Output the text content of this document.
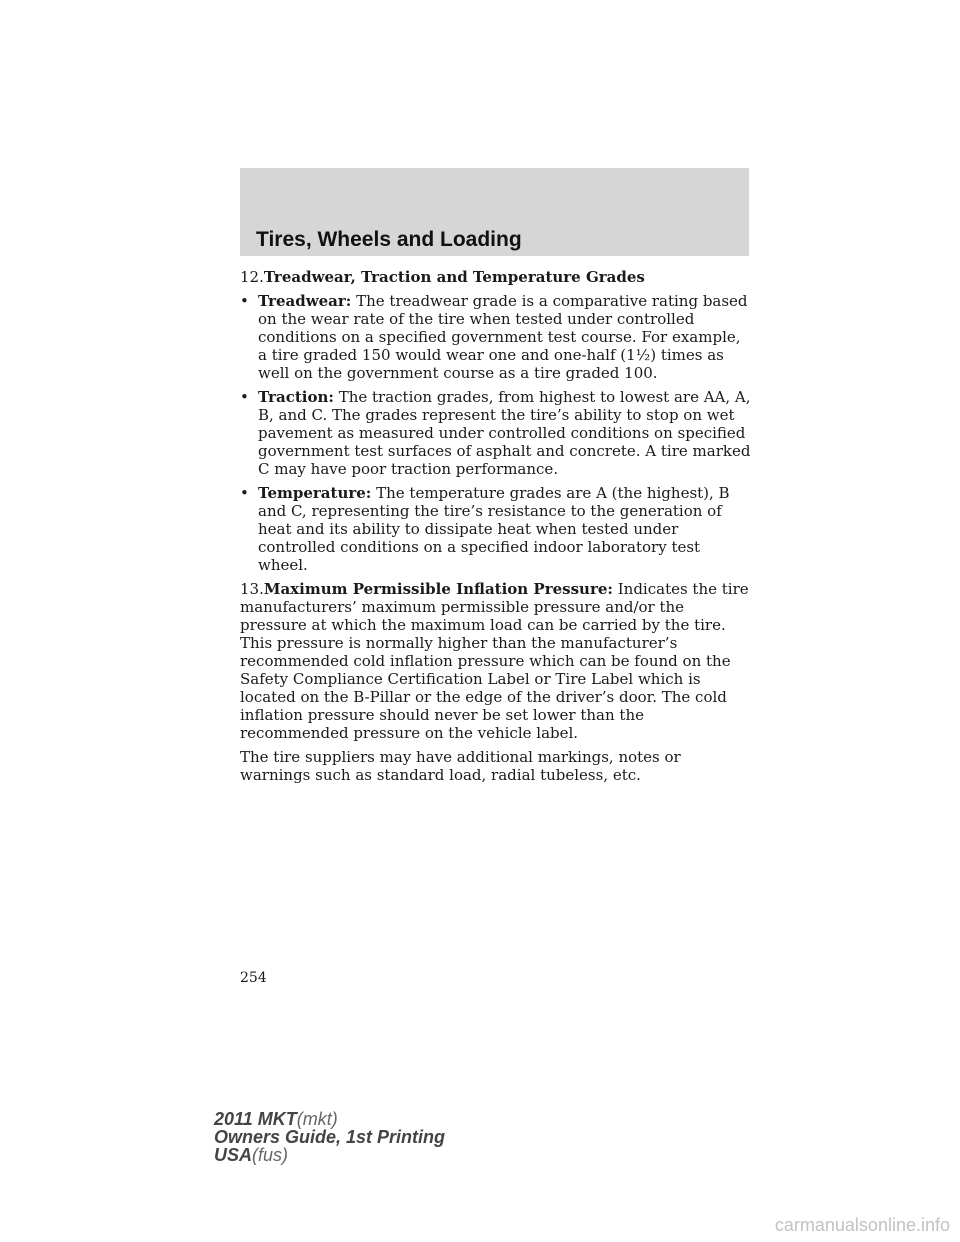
Tires, Wheels and Loading

12.Treadwear, Traction and Temperature Grades

• Treadwear: The treadwear grade is a comparative rating based on the wear rate of the tire when tested under controlled conditions on a specified government test course. For example, a tire graded 150 would wear one and one-half (1½) times as well on the government course as a tire graded 100.
• Traction: The traction grades, from highest to lowest are AA, A, B, and C. The grades represent the tire’s ability to stop on wet pavement as measured under controlled conditions on specified government test surfaces of asphalt and concrete. A tire marked C may have poor traction performance.
• Temperature: The temperature grades are A (the highest), B and C, representing the tire’s resistance to the generation of heat and its ability to dissipate heat when tested under controlled conditions on a specified indoor laboratory test wheel.

13.Maximum Permissible Inflation Pressure: Indicates the tire manufacturers’ maximum permissible pressure and/or the pressure at which the maximum load can be carried by the tire. This pressure is normally higher than the manufacturer’s recommended cold inflation pressure which can be found on the Safety Compliance Certification Label or Tire Label which is located on the B-Pillar or the edge of the driver’s door. The cold inflation pressure should never be set lower than the recommended pressure on the vehicle label.

The tire suppliers may have additional markings, notes or warnings such as standard load, radial tubeless, etc.

254
2011 MKT(mkt)
Owners Guide, 1st Printing
USA(fus)
carmanualsonline.info
